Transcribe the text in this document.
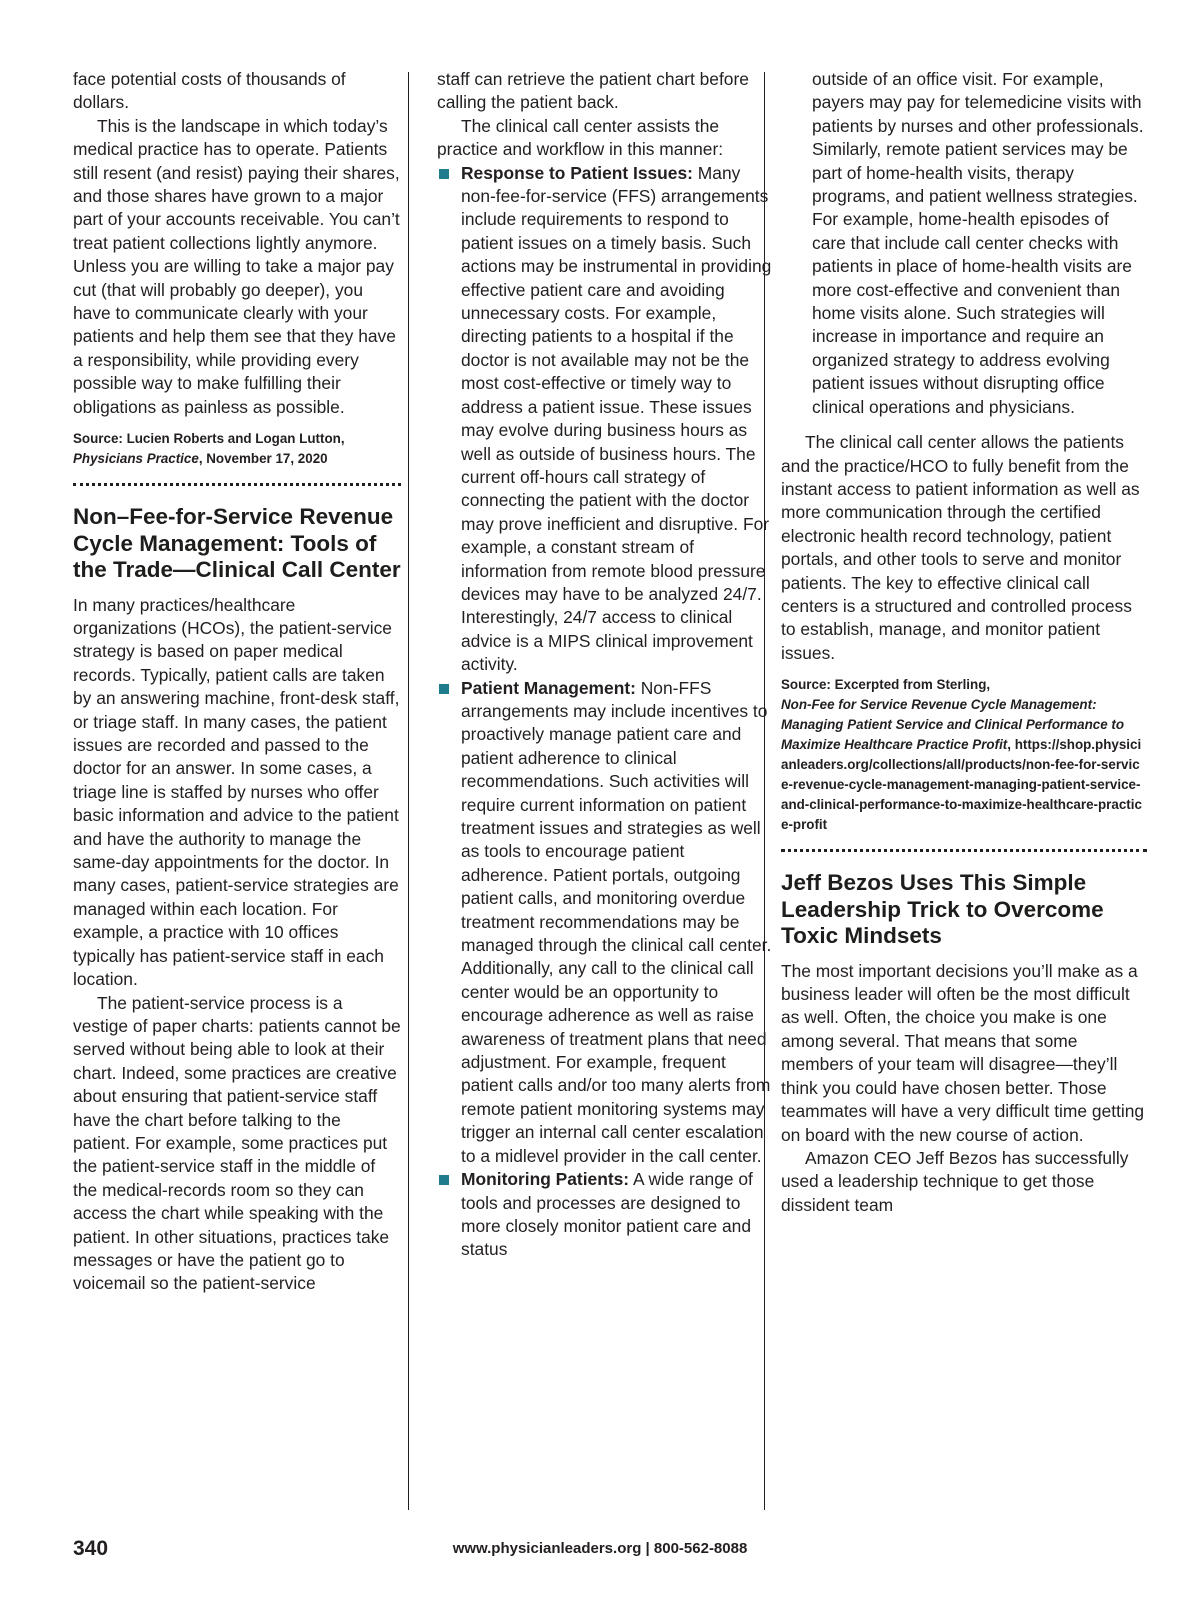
face potential costs of thousands of dollars.

This is the landscape in which today’s medical practice has to operate. Patients still resent (and resist) paying their shares, and those shares have grown to a major part of your accounts receivable. You can’t treat patient collections lightly anymore. Unless you are willing to take a major pay cut (that will probably go deeper), you have to communicate clearly with your patients and help them see that they have a responsibility, while providing every possible way to make fulfilling their obligations as painless as possible.

Source: Lucien Roberts and Logan Lutton,
Physicians Practice, November 17, 2020
Non–Fee-for-Service Revenue Cycle Management: Tools of the Trade—Clinical Call Center

In many practices/healthcare organizations (HCOs), the patient-service strategy is based on paper medical records. Typically, patient calls are taken by an answering machine, front-desk staff, or triage staff. In many cases, the patient issues are recorded and passed to the doctor for an answer. In some cases, a triage line is staffed by nurses who offer basic information and advice to the patient and have the authority to manage the same-day appointments for the doctor. In many cases, patient-service strategies are managed within each location. For example, a practice with 10 offices typically has patient-service staff in each location.

The patient-service process is a vestige of paper charts: patients cannot be served without being able to look at their chart. Indeed, some practices are creative about ensuring that patient-service staff have the chart before talking to the patient. For example, some practices put the patient-service staff in the middle of the medical-records room so they can access the chart while speaking with the patient. In other situations, practices take messages or have the patient go to voicemail so the patient-service

staff can retrieve the patient chart before calling the patient back.

The clinical call center assists the practice and workflow in this manner:

Response to Patient Issues: Many non-fee-for-service (FFS) arrangements include requirements to respond to patient issues on a timely basis. Such actions may be instrumental in providing effective patient care and avoiding unnecessary costs. For example, directing patients to a hospital if the doctor is not available may not be the most cost-effective or timely way to address a patient issue. These issues may evolve during business hours as well as outside of business hours. The current off-hours call strategy of connecting the patient with the doctor may prove inefficient and disruptive. For example, a constant stream of information from remote blood pressure devices may have to be analyzed 24/7. Interestingly, 24/7 access to clinical advice is a MIPS clinical improvement activity.

Patient Management: Non-FFS arrangements may include incentives to proactively manage patient care and patient adherence to clinical recommendations. Such activities will require current information on patient treatment issues and strategies as well as tools to encourage patient adherence. Patient portals, outgoing patient calls, and monitoring overdue treatment recommendations may be managed through the clinical call center. Additionally, any call to the clinical call center would be an opportunity to encourage adherence as well as raise awareness of treatment plans that need adjustment. For example, frequent patient calls and/or too many alerts from remote patient monitoring systems may trigger an internal call center escalation to a midlevel provider in the call center.

Monitoring Patients: A wide range of tools and processes are designed to more closely monitor patient care and status

outside of an office visit. For example, payers may pay for telemedicine visits with patients by nurses and other professionals. Similarly, remote patient services may be part of home-health visits, therapy programs, and patient wellness strategies. For example, home-health episodes of care that include call center checks with patients in place of home-health visits are more cost-effective and convenient than home visits alone. Such strategies will increase in importance and require an organized strategy to address evolving patient issues without disrupting office clinical operations and physicians.

The clinical call center allows the patients and the practice/HCO to fully benefit from the instant access to patient information as well as more communication through the certified electronic health record technology, patient portals, and other tools to serve and monitor patients. The key to effective clinical call centers is a structured and controlled process to establish, manage, and monitor patient issues.

Source: Excerpted from Sterling,
Non-Fee for Service Revenue Cycle Management: Managing Patient Service and Clinical Performance to Maximize Healthcare Practice Profit, https://shop.physicianleaders.org/collections/all/products/non-fee-for-service-revenue-cycle-management-managing-patient-service-and-clinical-performance-to-maximize-healthcare-practice-profit
Jeff Bezos Uses This Simple Leadership Trick to Overcome Toxic Mindsets

The most important decisions you’ll make as a business leader will often be the most difficult as well. Often, the choice you make is one among several. That means that some members of your team will disagree—they’ll think you could have chosen better. Those teammates will have a very difficult time getting on board with the new course of action.

Amazon CEO Jeff Bezos has successfully used a leadership technique to get those dissident team

340	www.physicianleaders.org | 800-562-8088
